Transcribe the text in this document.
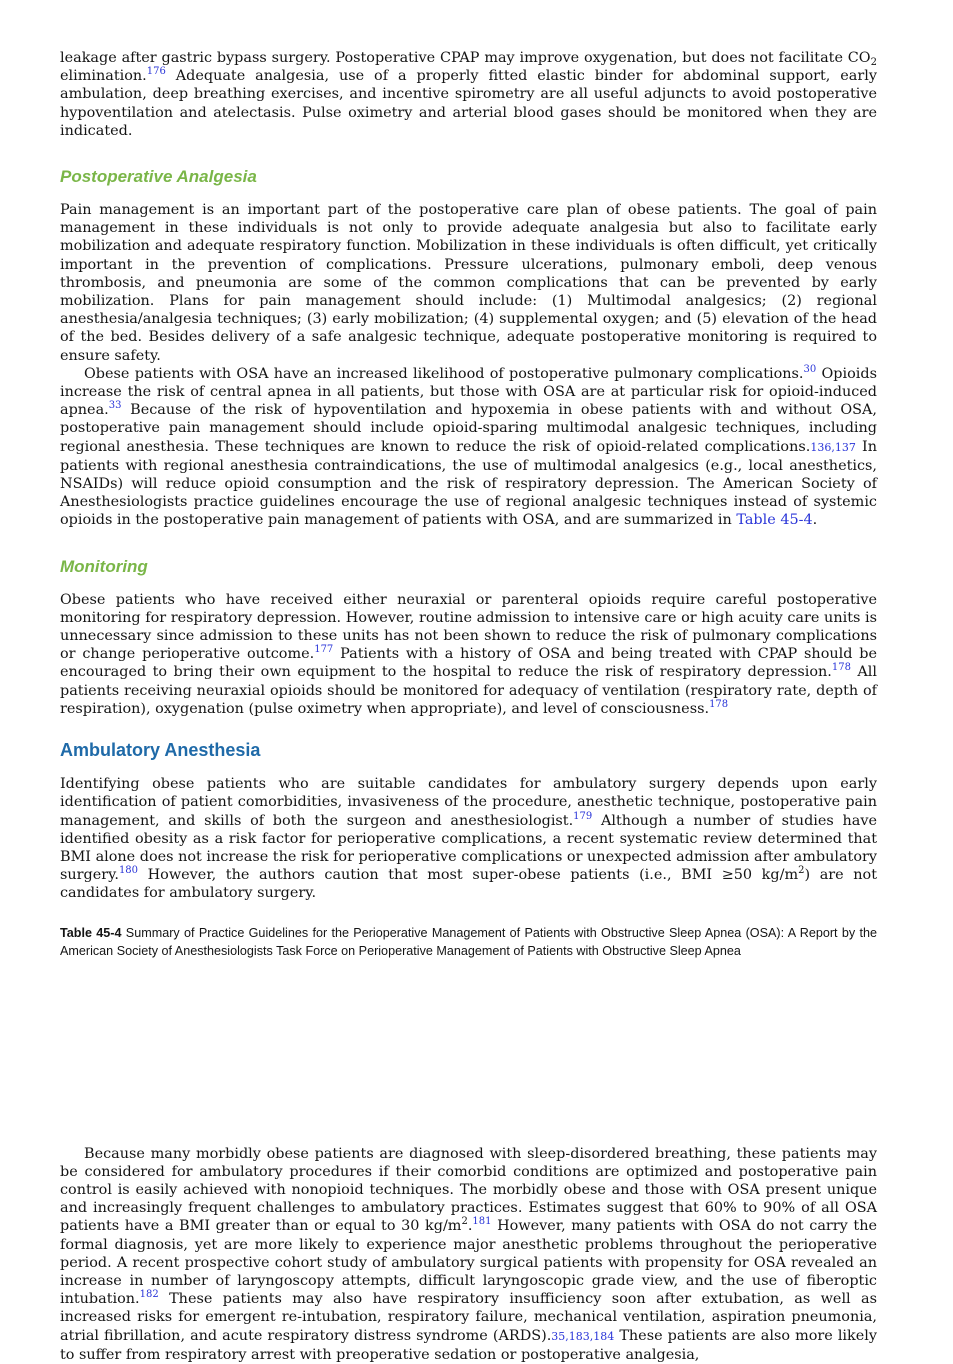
leakage after gastric bypass surgery. Postoperative CPAP may improve oxygenation, but does not facilitate $CO_2$ elimination.$^{176}$ Adequate analgesia, use of a properly fitted elastic binder for abdominal support, early ambulation, deep breathing exercises, and incentive spirometry are all useful adjuncts to avoid postoperative hypoventilation and atelectasis. Pulse oximetry and arterial blood gases should be monitored when they are indicated.

Postoperative Analgesia

Pain management is an important part of the postoperative care plan of obese patients. The goal of pain management in these individuals is not only to provide adequate analgesia but also to facilitate early mobilization and adequate respiratory function. Mobilization in these individuals is often difficult, yet critically important in the prevention of complications. Pressure ulcerations, pulmonary emboli, deep venous thrombosis, and pneumonia are some of the common complications that can be prevented by early mobilization. Plans for pain management should include: (1) Multimodal analgesics; (2) regional anesthesia/analgesia techniques; (3) early mobilization; (4) supplemental oxygen; and (5) elevation of the head of the bed. Besides delivery of a safe analgesic technique, adequate postoperative monitoring is required to ensure safety.

Obese patients with OSA have an increased likelihood of postoperative pulmonary complications.$^{30}$ Opioids increase the risk of central apnea in all patients, but those with OSA are at particular risk for opioid-induced apnea.$^{33}$ Because of the risk of hypoventilation and hypoxemia in obese patients with and without OSA, postoperative pain management should include opioid-sparing multimodal analgesic techniques, including regional anesthesia. These techniques are known to reduce the risk of opioid-related complications.136,137 In patients with regional anesthesia contraindications, the use of multimodal analgesics (e.g., local anesthetics, NSAIDs) will reduce opioid consumption and the risk of respiratory depression. The American Society of Anesthesiologists practice guidelines encourage the use of regional analgesic techniques instead of systemic opioids in the postoperative pain management of patients with OSA, and are summarized in Table 45-4.

Monitoring

Obese patients who have received either neuraxial or parenteral opioids require careful postoperative monitoring for respiratory depression. However, routine admission to intensive care or high acuity care units is unnecessary since admission to these units has not been shown to reduce the risk of pulmonary complications or change perioperative outcome.$^{177}$ Patients with a history of OSA and being treated with CPAP should be encouraged to bring their own equipment to the hospital to reduce the risk of respiratory depression.$^{178}$ All patients receiving neuraxial opioids should be monitored for adequacy of ventilation (respiratory rate, depth of respiration), oxygenation (pulse oximetry when appropriate), and level of consciousness.$^{178}$

Ambulatory Anesthesia

Identifying obese patients who are suitable candidates for ambulatory surgery depends upon early identification of patient comorbidities, invasiveness of the procedure, anesthetic technique, postoperative pain management, and skills of both the surgeon and anesthesiologist.$^{179}$ Although a number of studies have identified obesity as a risk factor for perioperative complications, a recent systematic review determined that BMI alone does not increase the risk for perioperative complications or unexpected admission after ambulatory surgery.$^{180}$ However, the authors caution that most super-obese patients (i.e., BMI ≥50 $kg/m^2$) are not candidates for ambulatory surgery.

Table 45-4 Summary of Practice Guidelines for the Perioperative Management of Patients with Obstructive Sleep Apnea (OSA): A Report by the American Society of Anesthesiologists Task Force on Perioperative Management of Patients with Obstructive Sleep Apnea

Because many morbidly obese patients are diagnosed with sleep-disordered breathing, these patients may be considered for ambulatory procedures if their comorbid conditions are optimized and postoperative pain control is easily achieved with nonopioid techniques. The morbidly obese and those with OSA present unique and increasingly frequent challenges to ambulatory practices. Estimates suggest that 60% to 90% of all OSA patients have a BMI greater than or equal to 30 $kg/m^2.^{181}$ However, many patients with OSA do not carry the formal diagnosis, yet are more likely to experience major anesthetic problems throughout the perioperative period. A recent prospective cohort study of ambulatory surgical patients with propensity for OSA revealed an increase in number of laryngoscopy attempts, difficult laryngoscopic grade view, and the use of fiberoptic intubation.$^{182}$ These patients may also have respiratory insufficiency soon after extubation, as well as increased risks for emergent re-intubation, respiratory failure, mechanical ventilation, aspiration pneumonia, atrial fibrillation, and acute respiratory distress syndrome (ARDS).35,183,184 These patients are also more likely to suffer from respiratory arrest with preoperative sedation or postoperative analgesia,
